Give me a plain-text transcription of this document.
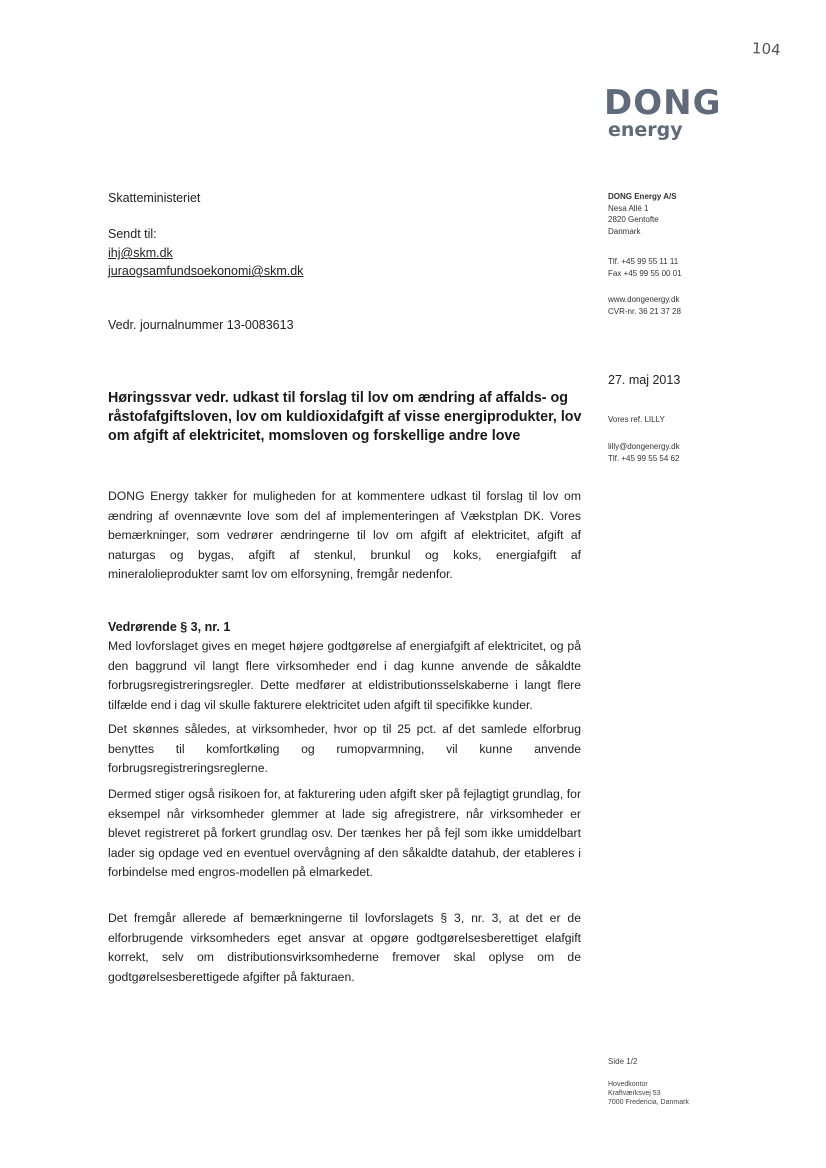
104
DONG
energy
Skatteministeriet
Sendt til:
ihj@skm.dk
juraogsamfundsoekonomi@skm.dk
Vedr. journalnummer 13-0083613
DONG Energy A/S
Nesa Allé 1
2820 Gentofte
Danmark
Tlf. +45 99 55 11 11
Fax +45 99 55 00 01
www.dongenergy.dk
CVR-nr. 36 21 37 28
27. maj 2013
Vores ref. LILLY
lilly@dongenergy.dk
Tlf. +45 99 55 54 62
Høringssvar vedr. udkast til forslag til lov om ændring af affalds- og råstofafgiftsloven, lov om kuldioxidafgift af visse energiprodukter, lov om afgift af elektricitet, momsloven og forskellige andre love
DONG Energy takker for muligheden for at kommentere udkast til forslag til lov om ændring af ovennævnte love som del af implementeringen af Vækstplan DK. Vores bemærkninger, som vedrører ændringerne til lov om afgift af elektricitet, afgift af naturgas og bygas, afgift af stenkul, brunkul og koks, energiafgift af mineralolieprodukter samt lov om elforsyning, fremgår nedenfor.
Vedrørende § 3, nr. 1
Med lovforslaget gives en meget højere godtgørelse af energiafgift af elektricitet, og på den baggrund vil langt flere virksomheder end i dag kunne anvende de såkaldte forbrugsregistreringsregler. Dette medfører at eldistributionsselskaberne i langt flere tilfælde end i dag vil skulle fakturere elektricitet uden afgift til specifikke kunder.
Det skønnes således, at virksomheder, hvor op til 25 pct. af det samlede elforbrug benyttes til komfortkøling og rumopvarmning, vil kunne anvende forbrugsregistreringsreglerne.
Dermed stiger også risikoen for, at fakturering uden afgift sker på fejlagtigt grundlag, for eksempel når virksomheder glemmer at lade sig afregistrere, når virksomheder er blevet registreret på forkert grundlag osv. Der tænkes her på fejl som ikke umiddelbart lader sig opdage ved en eventuel overvågning af den såkaldte datahub, der etableres i forbindelse med engros-modellen på elmarkedet.
Det fremgår allerede af bemærkningerne til lovforslagets § 3, nr. 3, at det er de elforbrugende virksomheders eget ansvar at opgøre godtgørelsesberettiget elafgift korrekt, selv om distributionsvirksomhederne fremover skal oplyse om de godtgørelsesberettigede afgifter på fakturaen.
Side 1/2
Hovedkontor
Kraftværksvej 53
7000 Fredericia, Danmark
